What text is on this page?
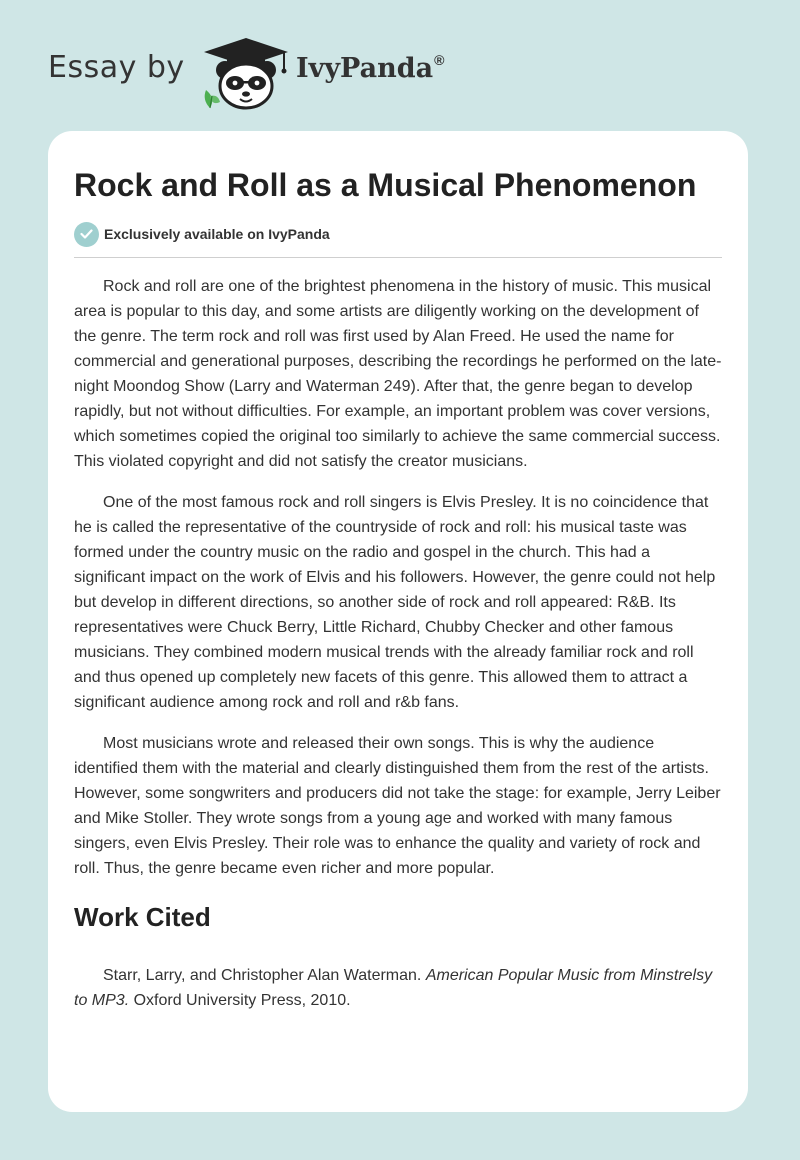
Essay by	IvyPanda®
Rock and Roll as a Musical Phenomenon
Exclusively available on IvyPanda

Rock and roll are one of the brightest phenomena in the history of music. This musical area is popular to this day, and some artists are diligently working on the development of the genre. The term rock and roll was first used by Alan Freed. He used the name for commercial and generational purposes, describing the recordings he performed on the late-night Moondog Show (Larry and Waterman 249). After that, the genre began to develop rapidly, but not without difficulties. For example, an important problem was cover versions, which sometimes copied the original too similarly to achieve the same commercial success. This violated copyright and did not satisfy the creator musicians.

One of the most famous rock and roll singers is Elvis Presley. It is no coincidence that he is called the representative of the countryside of rock and roll: his musical taste was formed under the country music on the radio and gospel in the church. This had a significant impact on the work of Elvis and his followers. However, the genre could not help but develop in different directions, so another side of rock and roll appeared: R&B. Its representatives were Chuck Berry, Little Richard, Chubby Checker and other famous musicians. They combined modern musical trends with the already familiar rock and roll and thus opened up completely new facets of this genre. This allowed them to attract a significant audience among rock and roll and r&b fans.

Most musicians wrote and released their own songs. This is why the audience identified them with the material and clearly distinguished them from the rest of the artists. However, some songwriters and producers did not take the stage: for example, Jerry Leiber and Mike Stoller. They wrote songs from a young age and worked with many famous singers, even Elvis Presley. Their role was to enhance the quality and variety of rock and roll. Thus, the genre became even richer and more popular.

Work Cited

Starr, Larry, and Christopher Alan Waterman. American Popular Music from Minstrelsy to MP3. Oxford University Press, 2010.
